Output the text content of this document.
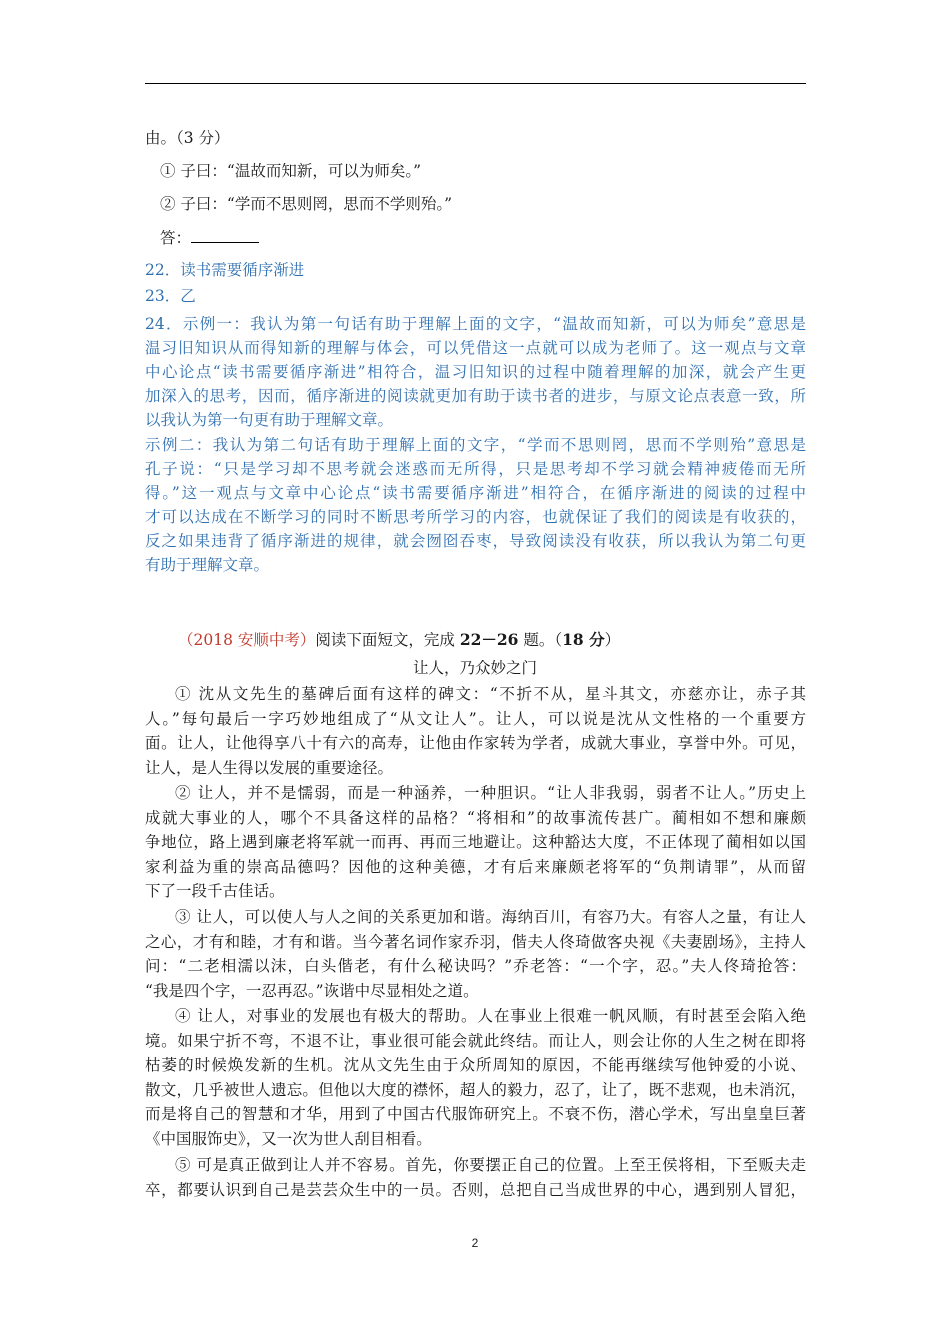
由。（3 分）
① 子曰：“温故而知新，可以为师矣。”
② 子曰：“学而不思则罔，思而不学则殆。”
答：
22．读书需要循序渐进
23．乙
24．示例一：我认为第一句话有助于理解上面的文字，“温故而知新，可以为师矣”意思是
温习旧知识从而得知新的理解与体会，可以凭借这一点就可以成为老师了。这一观点与文章
中心论点“读书需要循序渐进”相符合，温习旧知识的过程中随着理解的加深，就会产生更
加深入的思考，因而，循序渐进的阅读就更加有助于读书者的进步，与原文论点表意一致，所
以我认为第一句更有助于理解文章。
示例二：我认为第二句话有助于理解上面的文字，“学而不思则罔，思而不学则殆”意思是
孔子说：“只是学习却不思考就会迷惑而无所得，只是思考却不学习就会精神疲倦而无所
得。”这一观点与文章中心论点“读书需要循序渐进”相符合，在循序渐进的阅读的过程中
才可以达成在不断学习的同时不断思考所学习的内容，也就保证了我们的阅读是有收获的，
反之如果违背了循序渐进的规律，就会囫囵吞枣，导致阅读没有收获，所以我认为第二句更
有助于理解文章。
（2018 安顺中考）阅读下面短文，完成 22－26 题。（18 分）
让人，乃众妙之门
① 沈从文先生的墓碑后面有这样的碑文：“不折不从，星斗其文，亦慈亦让，赤子其
人。”每句最后一字巧妙地组成了“从文让人”。让人，可以说是沈从文性格的一个重要方
面。让人，让他得享八十有六的高寿，让他由作家转为学者，成就大事业，享誉中外。可见，
让人，是人生得以发展的重要途径。
② 让人，并不是懦弱，而是一种涵养，一种胆识。“让人非我弱，弱者不让人。”历史上
成就大事业的人，哪个不具备这样的品格？“将相和”的故事流传甚广。蔺相如不想和廉颇
争地位，路上遇到廉老将军就一而再、再而三地避让。这种豁达大度，不正体现了蔺相如以国
家利益为重的崇高品德吗？因他的这种美德，才有后来廉颇老将军的“负荆请罪”，从而留
下了一段千古佳话。
③ 让人，可以使人与人之间的关系更加和谐。海纳百川，有容乃大。有容人之量，有让人
之心，才有和睦，才有和谐。当今著名词作家乔羽，偕夫人佟琦做客央视《夫妻剧场》，主持人
问：“二老相濡以沫，白头偕老，有什么秘诀吗？”乔老答：“一个字，忍。”夫人佟琦抢答：
“我是四个字，一忍再忍。”诙谐中尽显相处之道。
④ 让人，对事业的发展也有极大的帮助。人在事业上很难一帆风顺，有时甚至会陷入绝
境。如果宁折不弯，不退不让，事业很可能会就此终结。而让人，则会让你的人生之树在即将
枯萎的时候焕发新的生机。沈从文先生由于众所周知的原因，不能再继续写他钟爱的小说、
散文，几乎被世人遗忘。但他以大度的襟怀，超人的毅力，忍了，让了，既不悲观，也未消沉，
而是将自己的智慧和才华，用到了中国古代服饰研究上。不衰不伤，潜心学术，写出皇皇巨著
《中国服饰史》，又一次为世人刮目相看。
⑤ 可是真正做到让人并不容易。首先，你要摆正自己的位置。上至王侯将相，下至贩夫走
卒，都要认识到自己是芸芸众生中的一员。否则，总把自己当成世界的中心，遇到别人冒犯，
2
